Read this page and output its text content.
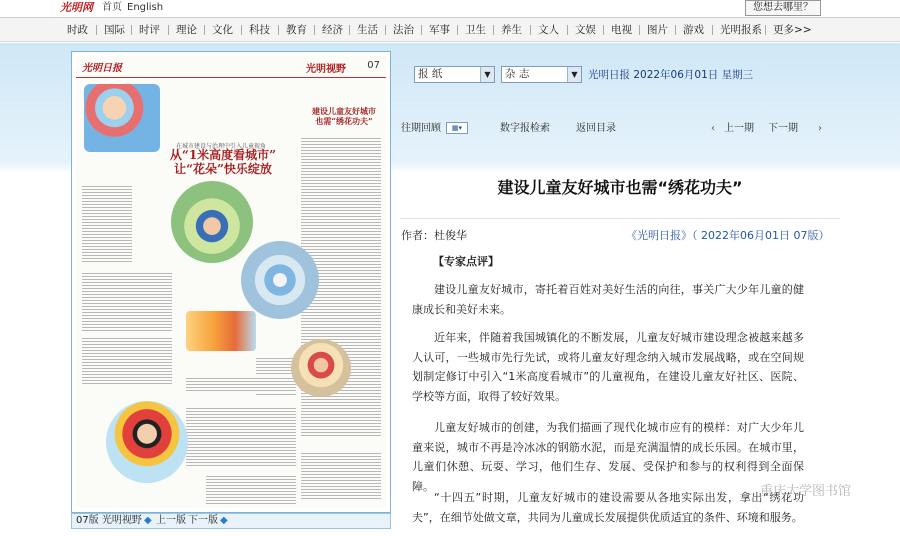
光明网 首页 English	您想去哪里？
时政 国际 时评 理论 文化 科技 教育 经济 生活 法治 军事 卫生 养生 文人 文娱 电视 图片 游戏 光明报系 更多>>
光明日报	光明视野 07
在城市建设与治理中引入儿童视角
从“1米高度看城市”
让“花朵”快乐绽放
建设儿童友好城市
也需“绣花功夫”
07版 光明视野 ◆ 上一版 下一版 ◆
报 纸	▼	杂 志	▼ 光明日报 2022年06月01日 星期三
往期回顾	▦▾	数字报检索	返回目录	‹ 上一期 下一期 ›
建设儿童友好城市也需“绣花功夫”
作者：杜俊华	《光明日报》（ 2022年06月01日 07版）
【专家点评】

建设儿童友好城市，寄托着百姓对美好生活的向往，事关广大少年儿童的健康成长和美好未来。

近年来，伴随着我国城镇化的不断发展，儿童友好城市建设理念被越来越多人认可，一些城市先行先试，或将儿童友好理念纳入城市发展战略，或在空间规划制定修订中引入“1米高度看城市”的儿童视角，在建设儿童友好社区、医院、学校等方面，取得了较好效果。

儿童友好城市的创建，为我们描画了现代化城市应有的模样：对广大少年儿童来说，城市不再是冷冰冰的钢筋水泥，而是充满温情的成长乐园。在城市里，儿童们休憩、玩耍、学习，他们生存、发展、受保护和参与的权利得到全面保障。

“十四五”时期，儿童友好城市的建设需要从各地实际出发，拿出“绣花功夫”，在细节处做文章，共同为儿童成长发展提供优质适宜的条件、环境和服务。

重庆大学图书馆
